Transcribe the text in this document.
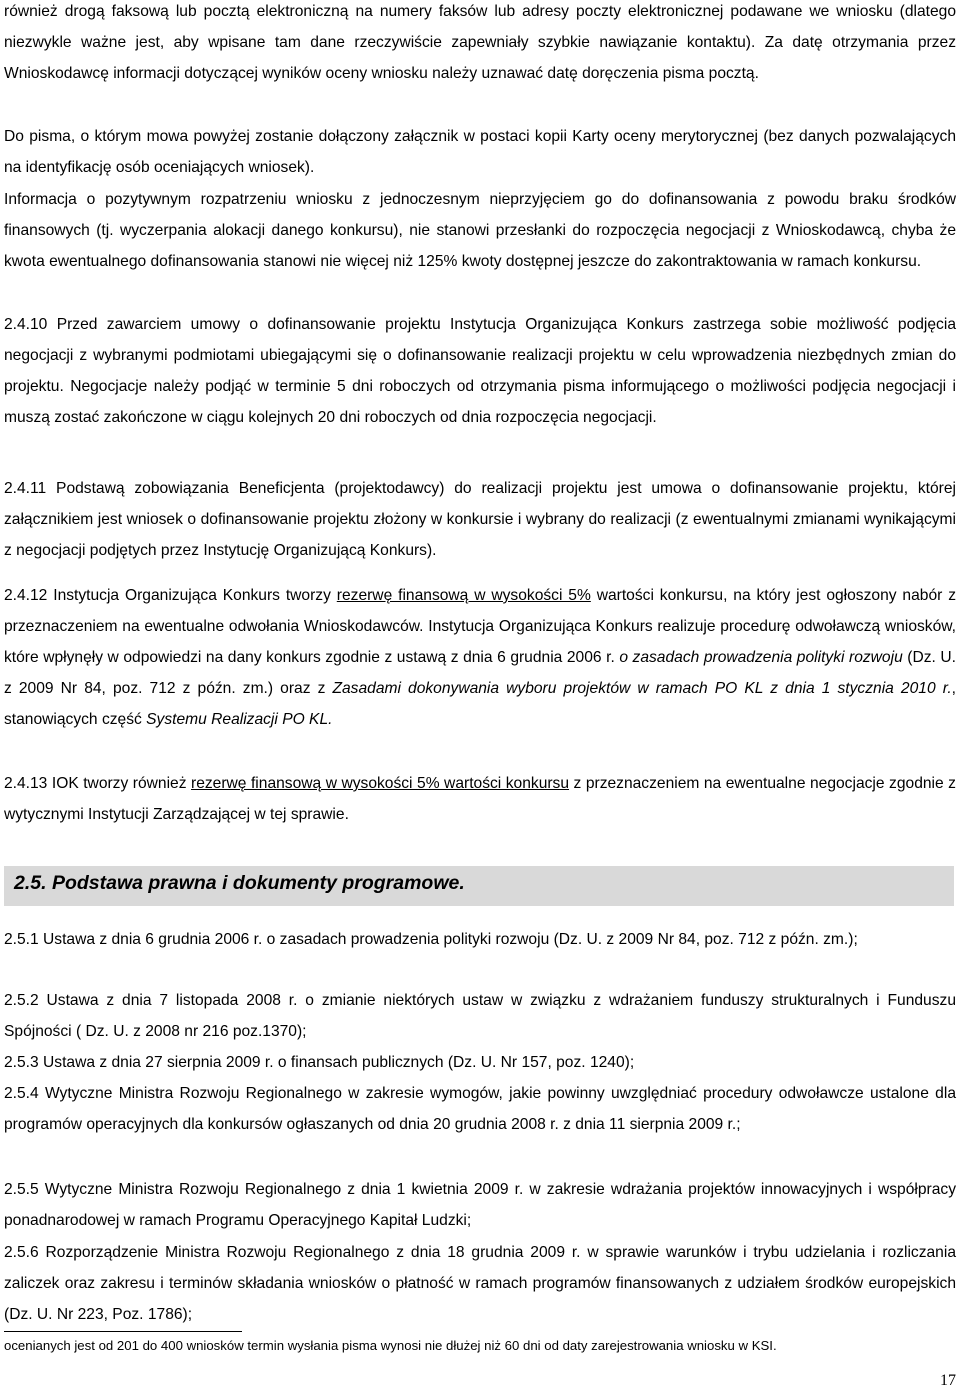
również drogą faksową lub pocztą elektroniczną na numery faksów lub adresy poczty elektronicznej podawane we wniosku (dlatego niezwykle ważne jest, aby wpisane tam dane rzeczywiście zapewniały szybkie nawiązanie kontaktu). Za datę otrzymania przez Wnioskodawcę informacji dotyczącej wyników oceny wniosku należy uznawać datę doręczenia pisma pocztą.

Do pisma, o którym mowa powyżej zostanie dołączony załącznik w postaci kopii Karty oceny merytorycznej (bez danych pozwalających na identyfikację osób oceniających wniosek).

Informacja o pozytywnym rozpatrzeniu wniosku z jednoczesnym nieprzyjęciem go do dofinansowania z powodu braku środków finansowych (tj. wyczerpania alokacji danego konkursu), nie stanowi przesłanki do rozpoczęcia negocjacji z Wnioskodawcą, chyba że kwota ewentualnego dofinansowania stanowi nie więcej niż 125% kwoty dostępnej jeszcze do zakontraktowania w ramach konkursu.

2.4.10 Przed zawarciem umowy o dofinansowanie projektu Instytucja Organizująca Konkurs zastrzega sobie możliwość podjęcia negocjacji z wybranymi podmiotami ubiegającymi się o dofinansowanie realizacji projektu w celu wprowadzenia niezbędnych zmian do projektu. Negocjacje należy podjąć w terminie 5 dni roboczych od otrzymania pisma informującego o możliwości podjęcia negocjacji i muszą zostać zakończone w ciągu kolejnych 20 dni roboczych od dnia rozpoczęcia negocjacji.

2.4.11 Podstawą zobowiązania Beneficjenta (projektodawcy) do realizacji projektu jest umowa o dofinansowanie projektu, której załącznikiem jest wniosek o dofinansowanie projektu złożony w konkursie i wybrany do realizacji (z ewentualnymi zmianami wynikającymi z negocjacji podjętych przez Instytucję Organizującą Konkurs).

2.4.12 Instytucja Organizująca Konkurs tworzy rezerwę finansową w wysokości 5% wartości konkursu, na który jest ogłoszony nabór z przeznaczeniem na ewentualne odwołania Wnioskodawców. Instytucja Organizująca Konkurs realizuje procedurę odwoławczą wniosków, które wpłynęły w odpowiedzi na dany konkurs zgodnie z ustawą z dnia 6 grudnia 2006 r. o zasadach prowadzenia polityki rozwoju (Dz. U. z 2009 Nr 84, poz. 712 z późn. zm.) oraz z Zasadami dokonywania wyboru projektów w ramach PO KL z dnia 1 stycznia 2010 r., stanowiących część Systemu Realizacji PO KL.

2.4.13 IOK tworzy również rezerwę finansową w wysokości 5% wartości konkursu z przeznaczeniem na ewentualne negocjacje zgodnie z wytycznymi Instytucji Zarządzającej w tej sprawie.

2.5. Podstawa prawna i dokumenty programowe.

2.5.1 Ustawa z dnia 6 grudnia 2006 r. o zasadach prowadzenia polityki rozwoju (Dz. U. z 2009 Nr 84, poz. 712 z późn. zm.);

2.5.2 Ustawa z dnia 7 listopada 2008 r. o zmianie niektórych ustaw w związku z wdrażaniem funduszy strukturalnych i Funduszu Spójności ( Dz. U. z 2008 nr 216 poz.1370);

2.5.3 Ustawa z dnia 27 sierpnia 2009 r. o finansach publicznych (Dz. U. Nr 157, poz. 1240);

2.5.4 Wytyczne Ministra Rozwoju Regionalnego w zakresie wymogów, jakie powinny uwzględniać procedury odwoławcze ustalone dla programów operacyjnych dla konkursów ogłaszanych od dnia 20 grudnia 2008 r. z dnia 11 sierpnia 2009 r.;

2.5.5 Wytyczne Ministra Rozwoju Regionalnego z dnia 1 kwietnia 2009 r. w zakresie wdrażania projektów innowacyjnych i współpracy ponadnarodowej w ramach Programu Operacyjnego Kapitał Ludzki;

2.5.6 Rozporządzenie Ministra Rozwoju Regionalnego z dnia 18 grudnia 2009 r. w sprawie warunków i trybu udzielania i rozliczania zaliczek oraz zakresu i terminów składania wniosków o płatność w ramach programów finansowanych z udziałem środków europejskich (Dz. U. Nr 223, Poz. 1786);

ocenianych jest od 201 do 400 wniosków termin wysłania pisma wynosi nie dłużej niż 60 dni od daty zarejestrowania wniosku w KSI.

17
